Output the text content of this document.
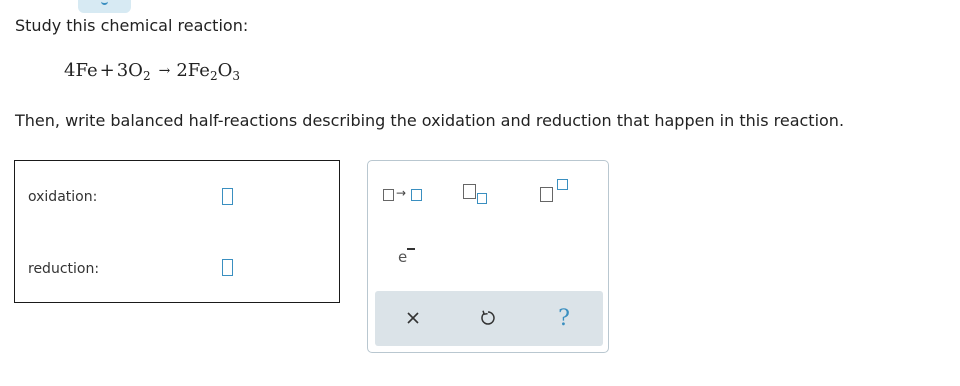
Study this chemical reaction:
4 Fe + 3 $O_2 \to 2$ $Fe_2$ $O_3$
Then, write balanced half-reactions describing the oxidation and reduction that happen in this reaction.
oxidation:
reduction:
→
e
?
